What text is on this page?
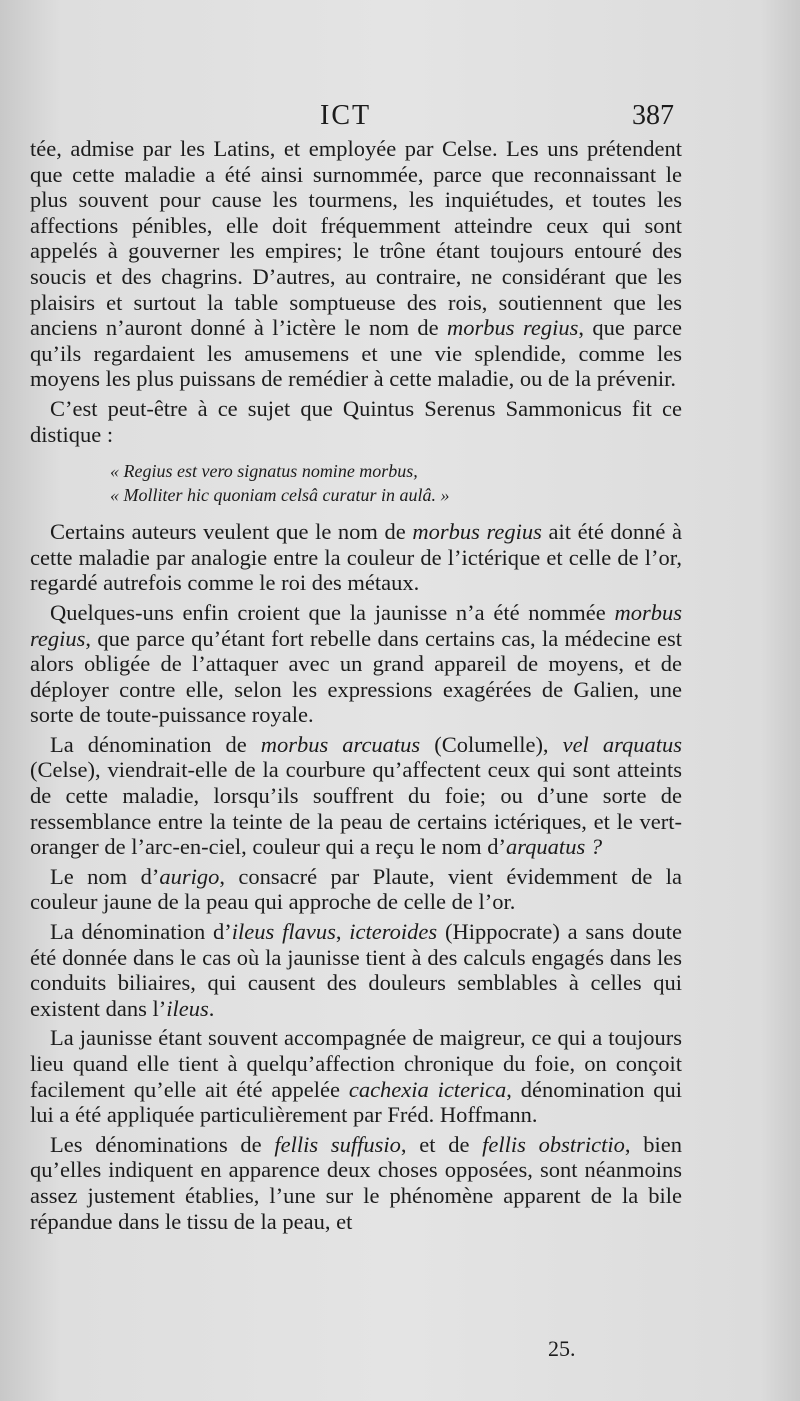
ICT	387

tée, admise par les Latins, et employée par Celse. Les uns prétendent que cette maladie a été ainsi surnommée, parce que reconnaissant le plus souvent pour cause les tourmens, les inquiétudes, et toutes les affections pénibles, elle doit fréquemment atteindre ceux qui sont appelés à gouverner les empires; le trône étant toujours entouré des soucis et des chagrins. D’autres, au contraire, ne considérant que les plaisirs et surtout la table somptueuse des rois, soutiennent que les anciens n’auront donné à l’ictère le nom de morbus regius, que parce qu’ils regardaient les amusemens et une vie splendide, comme les moyens les plus puissans de remédier à cette maladie, ou de la prévenir.

C’est peut-être à ce sujet que Quintus Serenus Sammonicus fit ce distique :

« Regius est vero signatus nomine morbus,
« Molliter hic quoniam celsâ curatur in aulâ. »

Certains auteurs veulent que le nom de morbus regius ait été donné à cette maladie par analogie entre la couleur de l’ictérique et celle de l’or, regardé autrefois comme le roi des métaux.

Quelques-uns enfin croient que la jaunisse n’a été nommée morbus regius, que parce qu’étant fort rebelle dans certains cas, la médecine est alors obligée de l’attaquer avec un grand appareil de moyens, et de déployer contre elle, selon les expressions exagérées de Galien, une sorte de toute-puissance royale.

La dénomination de morbus arcuatus (Columelle), vel arquatus (Celse), viendrait-elle de la courbure qu’affectent ceux qui sont atteints de cette maladie, lorsqu’ils souffrent du foie; ou d’une sorte de ressemblance entre la teinte de la peau de certains ictériques, et le vert-oranger de l’arc-en-ciel, couleur qui a reçu le nom d’arquatus ?

Le nom d’aurigo, consacré par Plaute, vient évidemment de la couleur jaune de la peau qui approche de celle de l’or.

La dénomination d’ileus flavus, icteroides (Hippocrate) a sans doute été donnée dans le cas où la jaunisse tient à des calculs engagés dans les conduits biliaires, qui causent des douleurs semblables à celles qui existent dans l’ileus.

La jaunisse étant souvent accompagnée de maigreur, ce qui a toujours lieu quand elle tient à quelqu’affection chronique du foie, on conçoit facilement qu’elle ait été appelée cachexia icterica, dénomination qui lui a été appliquée particulièrement par Fréd. Hoffmann.

Les dénominations de fellis suffusio, et de fellis obstrictio, bien qu’elles indiquent en apparence deux choses opposées, sont néanmoins assez justement établies, l’une sur le phénomène apparent de la bile répandue dans le tissu de la peau, et

25.
